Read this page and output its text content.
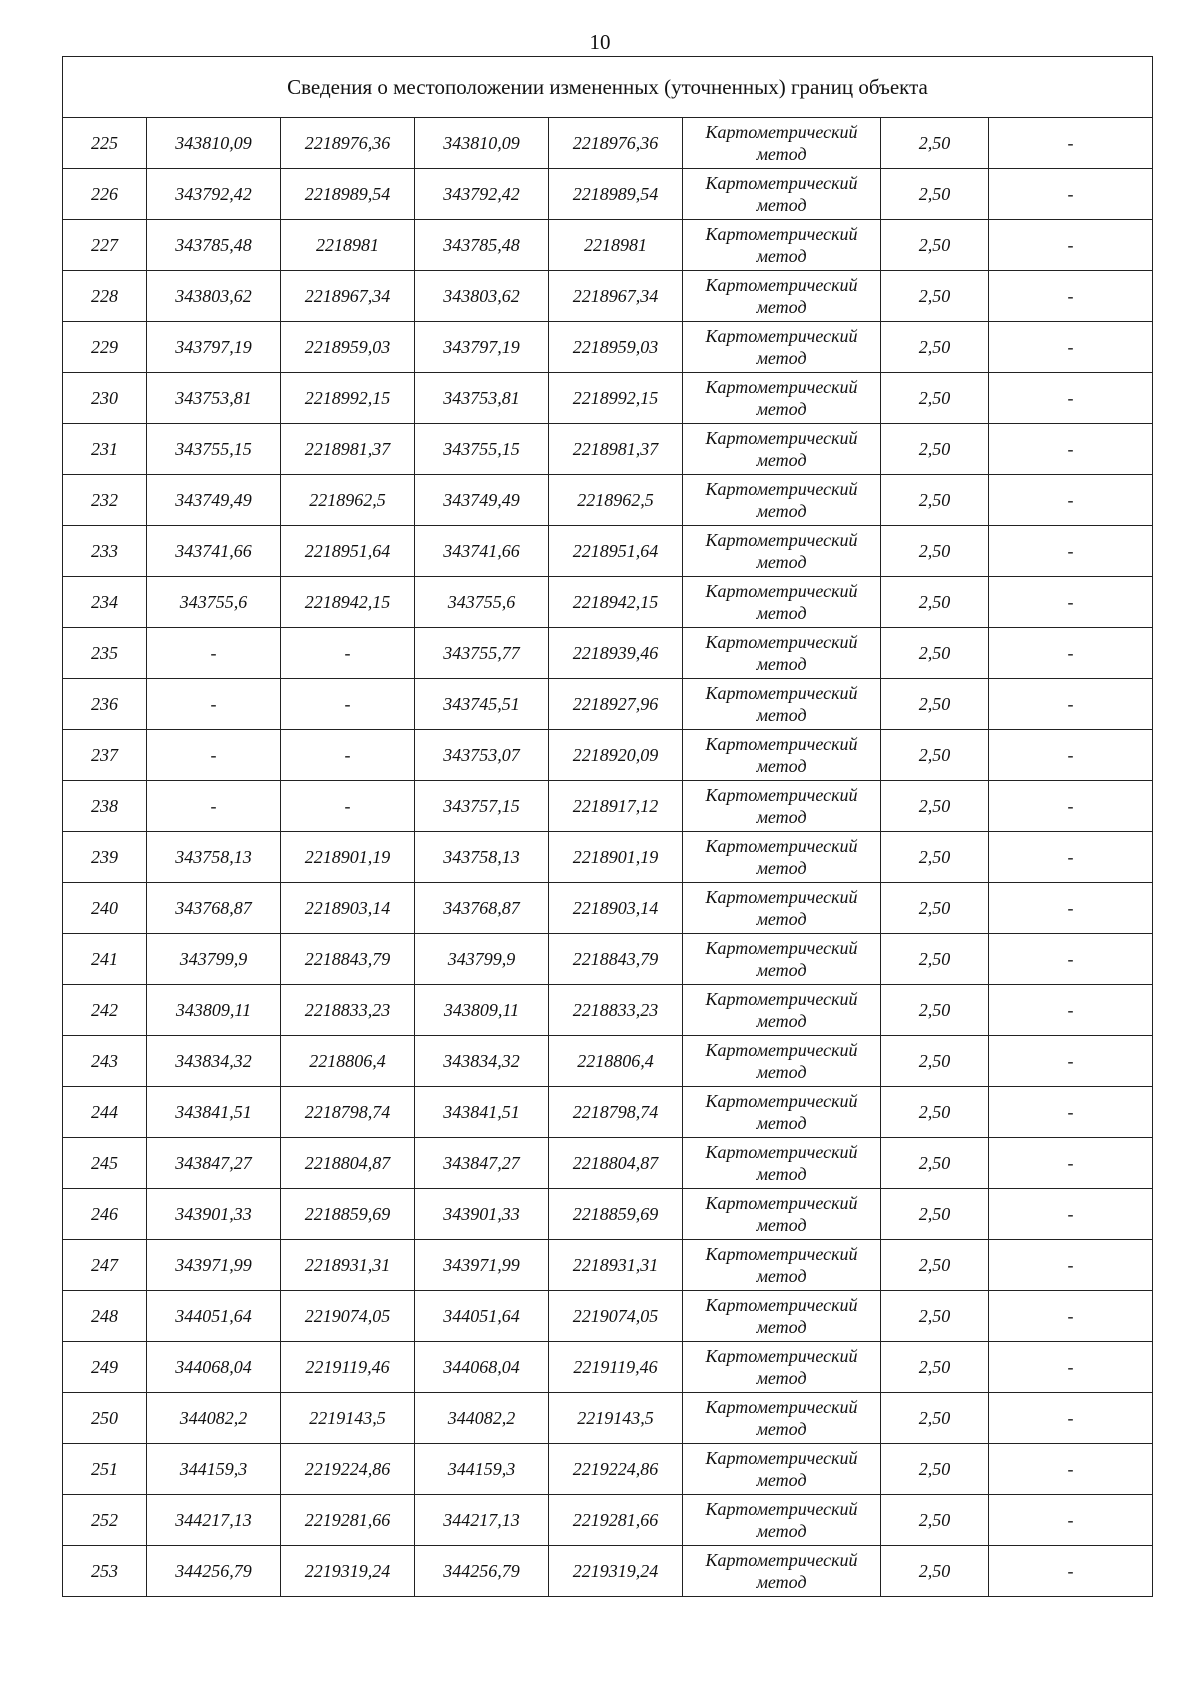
10
Сведения о местоположении измененных (уточненных) границ объекта							
225	343810,09	2218976,36	343810,09	2218976,36	Картометрический
метод	2,50	-
226	343792,42	2218989,54	343792,42	2218989,54	Картометрический
метод	2,50	-
227	343785,48	2218981	343785,48	2218981	Картометрический
метод	2,50	-
228	343803,62	2218967,34	343803,62	2218967,34	Картометрический
метод	2,50	-
229	343797,19	2218959,03	343797,19	2218959,03	Картометрический
метод	2,50	-
230	343753,81	2218992,15	343753,81	2218992,15	Картометрический
метод	2,50	-
231	343755,15	2218981,37	343755,15	2218981,37	Картометрический
метод	2,50	-
232	343749,49	2218962,5	343749,49	2218962,5	Картометрический
метод	2,50	-
233	343741,66	2218951,64	343741,66	2218951,64	Картометрический
метод	2,50	-
234	343755,6	2218942,15	343755,6	2218942,15	Картометрический
метод	2,50	-
235	-	-	343755,77	2218939,46	Картометрический
метод	2,50	-
236	-	-	343745,51	2218927,96	Картометрический
метод	2,50	-
237	-	-	343753,07	2218920,09	Картометрический
метод	2,50	-
238	-	-	343757,15	2218917,12	Картометрический
метод	2,50	-
239	343758,13	2218901,19	343758,13	2218901,19	Картометрический
метод	2,50	-
240	343768,87	2218903,14	343768,87	2218903,14	Картометрический
метод	2,50	-
241	343799,9	2218843,79	343799,9	2218843,79	Картометрический
метод	2,50	-
242	343809,11	2218833,23	343809,11	2218833,23	Картометрический
метод	2,50	-
243	343834,32	2218806,4	343834,32	2218806,4	Картометрический
метод	2,50	-
244	343841,51	2218798,74	343841,51	2218798,74	Картометрический
метод	2,50	-
245	343847,27	2218804,87	343847,27	2218804,87	Картометрический
метод	2,50	-
246	343901,33	2218859,69	343901,33	2218859,69	Картометрический
метод	2,50	-
247	343971,99	2218931,31	343971,99	2218931,31	Картометрический
метод	2,50	-
248	344051,64	2219074,05	344051,64	2219074,05	Картометрический
метод	2,50	-
249	344068,04	2219119,46	344068,04	2219119,46	Картометрический
метод	2,50	-
250	344082,2	2219143,5	344082,2	2219143,5	Картометрический
метод	2,50	-
251	344159,3	2219224,86	344159,3	2219224,86	Картометрический
метод	2,50	-
252	344217,13	2219281,66	344217,13	2219281,66	Картометрический
метод	2,50	-
253	344256,79	2219319,24	344256,79	2219319,24	Картометрический
метод	2,50	-
